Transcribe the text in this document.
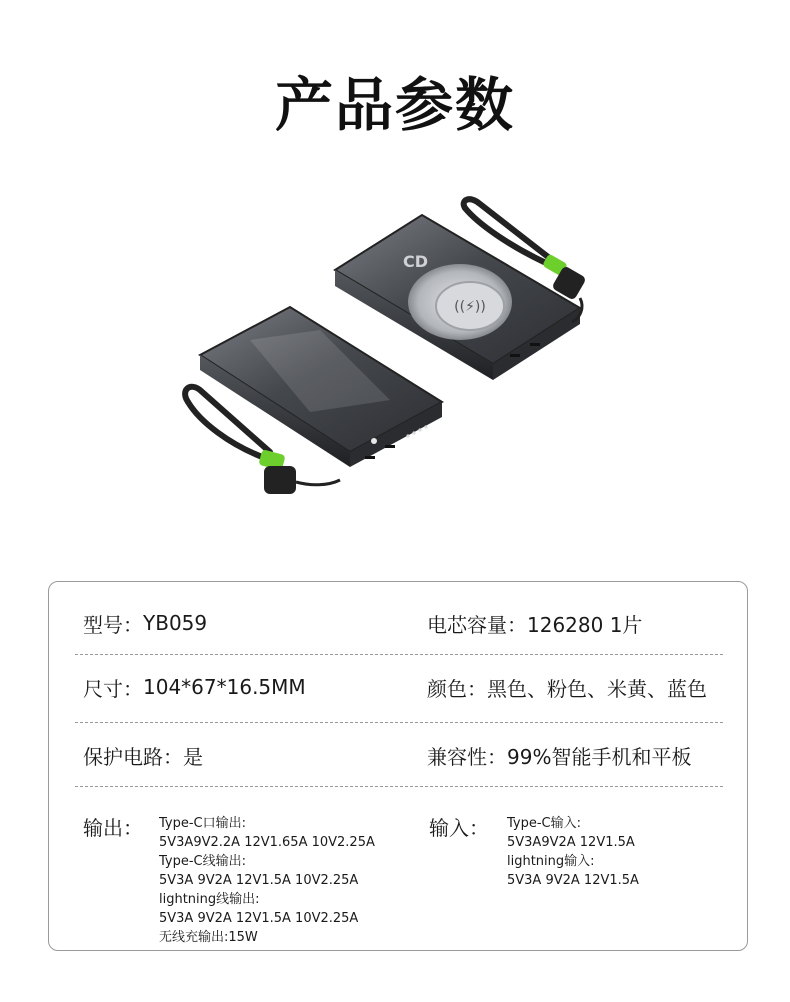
产品参数
((⚡))
CD
型号： YB059	电芯容量： 126280 1片
尺寸： 104*67*16.5MM	颜色： 黑色、粉色、米黄、蓝色
保护电路： 是	兼容性： 99%智能手机和平板
输出： Type-C口输出:
5V3A9V2.2A 12V1.65A 10V2.25A
Type-C线输出:
5V3A 9V2A 12V1.5A 10V2.25A
lightning线输出:
5V3A 9V2A 12V1.5A 10V2.25A
无线充输出:15W
输入： Type-C输入:
5V3A9V2A 12V1.5A
lightning输入:
5V3A 9V2A 12V1.5A
